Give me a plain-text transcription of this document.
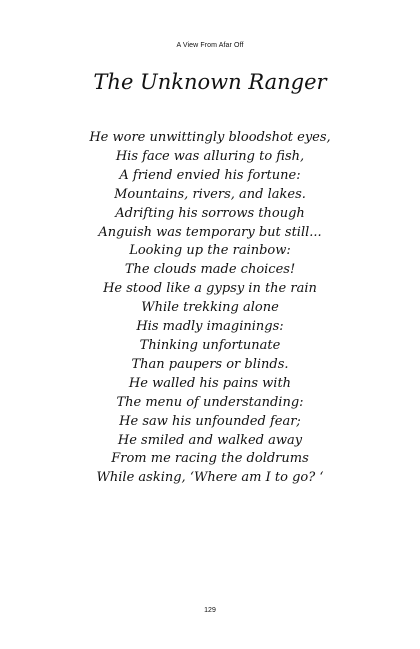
A View From Afar Off
The Unknown Ranger
He wore unwittingly bloodshot eyes,
His face was alluring to fish,
A friend envied his fortune:
Mountains, rivers, and lakes.
Adrifting his sorrows though
Anguish was temporary but still...
Looking up the rainbow:
The clouds made choices!
He stood like a gypsy in the rain
While trekking alone
His madly imaginings:
Thinking unfortunate
Than paupers or blinds.
He walled his pains with
The menu of understanding:
He saw his unfounded fear;
He smiled and walked away
From me racing the doldrums
While asking, ‘Where am I to go? ‘
129
